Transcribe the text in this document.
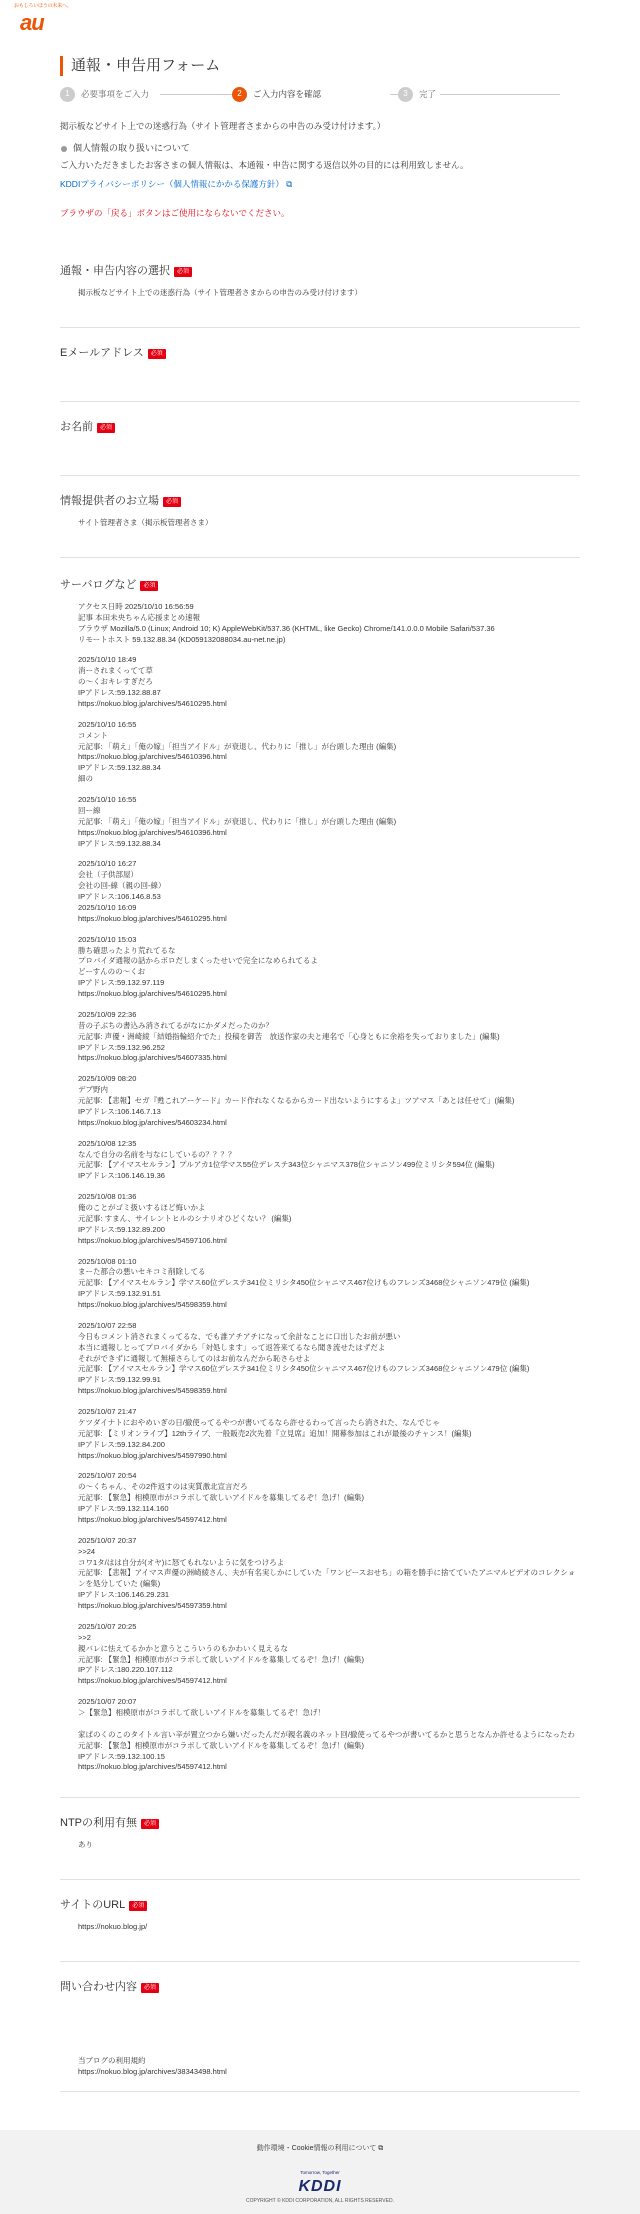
おもしろいほうの未来へ。
au
通報・申告用フォーム
1	必要事項をご入力	2	ご入力内容を確認	3	完了

掲示板などサイト上での迷惑行為（サイト管理者さまからの申告のみ受け付けます。）

個人情報の取り扱いについて

ご入力いただきましたお客さまの個人情報は、本通報・申告に関する返信以外の目的には利用致しません。

KDDIプライバシーポリシー（個人情報にかかる保護方針） ⧉

ブラウザの「戻る」ボタンはご使用にならないでください。

通報・申告内容の選択	必須
掲示板などサイト上での迷惑行為（サイト管理者さまからの申告のみ受け付けます）
Eメールアドレス	必須

お名前	必須

情報提供者のお立場	必須
サイト管理者さま（掲示板管理者さま）
サーバログなど	必須
アクセス日時 2025/10/10 16:56:59
記事 本田未央ちゃん応援まとめ速報
ブラウザ Mozilla/5.0 (Linux; Android 10; K) AppleWebKit/537.36 (KHTML, like Gecko) Chrome/141.0.0.0 Mobile Safari/537.36
リモートホスト 59.132.88.34 (KD059132088034.au-net.ne.jp)
2025/10/10 18:49
消ーされまくってて草
の〜くおキレすぎだろ
IPアドレス:59.132.88.87
https://nokuo.blog.jp/archives/54610295.html
2025/10/10 16:55
コメント
元記事: 「萌え」「俺の嫁」「担当アイドル」が衰退し、代わりに「推し」が台頭した理由 (編集)
https://nokuo.blog.jp/archives/54610396.html
IPアドレス:59.132.88.34
細の
2025/10/10 16:55
回ー線
元記事: 「萌え」「俺の嫁」「担当アイドル」が衰退し、代わりに「推し」が台頭した理由 (編集)
https://nokuo.blog.jp/archives/54610396.html
IPアドレス:59.132.88.34
2025/10/10 16:27
会社（子供部屋）
会社の回-線（親の回-線）
IPアドレス:106.146.8.53
2025/10/10 16:09
https://nokuo.blog.jp/archives/54610295.html
2025/10/10 15:03
勝ち確思ったより荒れてるな
プロバイダ通報の話からボロだしまくったせいで完全になめられてるよ
どーすんのの〜くお
IPアドレス:59.132.97.119
https://nokuo.blog.jp/archives/54610295.html
2025/10/09 22:36
昔の子ぶちの書込み消されてるがなにかダメだったのか？
元記事: 声優・洲崎綾「結婚指輪紹介でた」投稿を御苦　放送作家の夫と連名で「心身ともに余裕を失っておりました」(編集)
IPアドレス:59.132.96.252
https://nokuo.blog.jp/archives/54607335.html
2025/10/09 08:20
デブ野内
元記事: 【悲報】セガ『甦これアーケード』カード作れなくなるからカード出ないようにするよ」ツアマス「あとは任せて」(編集)
IPアドレス:106.146.7.13
https://nokuo.blog.jp/archives/54603234.html
2025/10/08 12:35
なんで自分の名前を与なにしているの？？？？
元記事: 【アイマスセルラン】プルアカ1位学マス55位デレステ343位シャニマス378位シャニソン499位ミリシタ594位 (編集)
IPアドレス:106.146.19.36
2025/10/08 01:36
俺のことがゴミ扱いするほど悔いかよ
元記事: すまん、サイレントヒルのシナリオひどくない？ (編集)
IPアドレス:59.132.89.200
https://nokuo.blog.jp/archives/54597106.html
2025/10/08 01:10
まーた都合の悪いセキコミ削除してる
元記事: 【アイマスセルラン】学マス60位デレステ341位ミリシタ450位シャニマス467位けものフレンズ3468位シャニソン479位 (編集)
IPアドレス:59.132.91.51
https://nokuo.blog.jp/archives/54598359.html
2025/10/07 22:58
今日もコメント消されまくってるな、でも誰アチアチになって余計なことに口出したお前が悪い
本当に通報しとってプロバイダから「対処します」って返答来てるなら聞き流せたはずだよ
それができずに通報して無様さらしてのはお前なんだから恥さらせよ
元記事: 【アイマスセルラン】学マス60位デレステ341位ミリシタ450位シャニマス467位けものフレンズ3468位シャニソン479位 (編集)
IPアドレス:59.132.99.91
https://nokuo.blog.jp/archives/54598359.html
2025/10/07 21:47
ケツダイナトにおやめいぎの日/撤使ってるやつが書いてるなら許せるわって言ったら消された、なんでじゃ
元記事: 【ミリオンライブ】12thライブ、一般販売2次先着『立見席』追加！開幕参加はこれが最後のチャンス！(編集)
IPアドレス:59.132.84.200
https://nokuo.blog.jp/archives/54597990.html
2025/10/07 20:54
の〜くちゃん、その2件返すのは実質激北宣言だろ
元記事: 【緊急】相模原市がコラボして欲しいアイドルを募集してるぞ！急げ！(編集)
IPアドレス:59.132.114.160
https://nokuo.blog.jp/archives/54597412.html
2025/10/07 20:37
>>24
コワ1タ/はは自分が(オヤ)に怒てもれないように気をつけろよ
元記事: 【悲報】アイマス声優の洲崎綾さん、夫が有名実しかにしていた「ワンピースおせち」の箱を勝手に捨てていたアニマルビデオのコレクションを処分していた (編集)
IPアドレス:106.146.29.231
https://nokuo.blog.jp/archives/54597359.html
2025/10/07 20:25
>>2
親バレに怯えてるかかと意うとこういうのもかわいく見えるな
元記事: 【緊急】相模原市がコラボして欲しいアイドルを募集してるぞ！急げ！(編集)
IPアドレス:180.220.107.112
https://nokuo.blog.jp/archives/54597412.html
2025/10/07 20:07
＞【緊急】相模原市がコラボして欲しいアイドルを募集してるぞ！急げ！

家ぱのくのこのタイトル言い辛が置立つから嫌いだったんだが親名義のネット回/撤使ってるやつが書いてるかと思うとなんか許せるようになったわ
元記事: 【緊急】相模原市がコラボして欲しいアイドルを募集してるぞ！急げ！(編集)
IPアドレス:59.132.100.15
https://nokuo.blog.jp/archives/54597412.html
NTPの利用有無	必須
あり
サイトのURL	必須
https://nokuo.blog.jp/
問い合わせ内容	必須
当ブログの利用規約
https://nokuo.blog.jp/archives/38343498.html
動作環境・Cookie情報の利用について ⧉
Tomorrow, Together
KDDI
COPYRIGHT © KDDI CORPORATION, ALL RIGHTS RESERVED.
